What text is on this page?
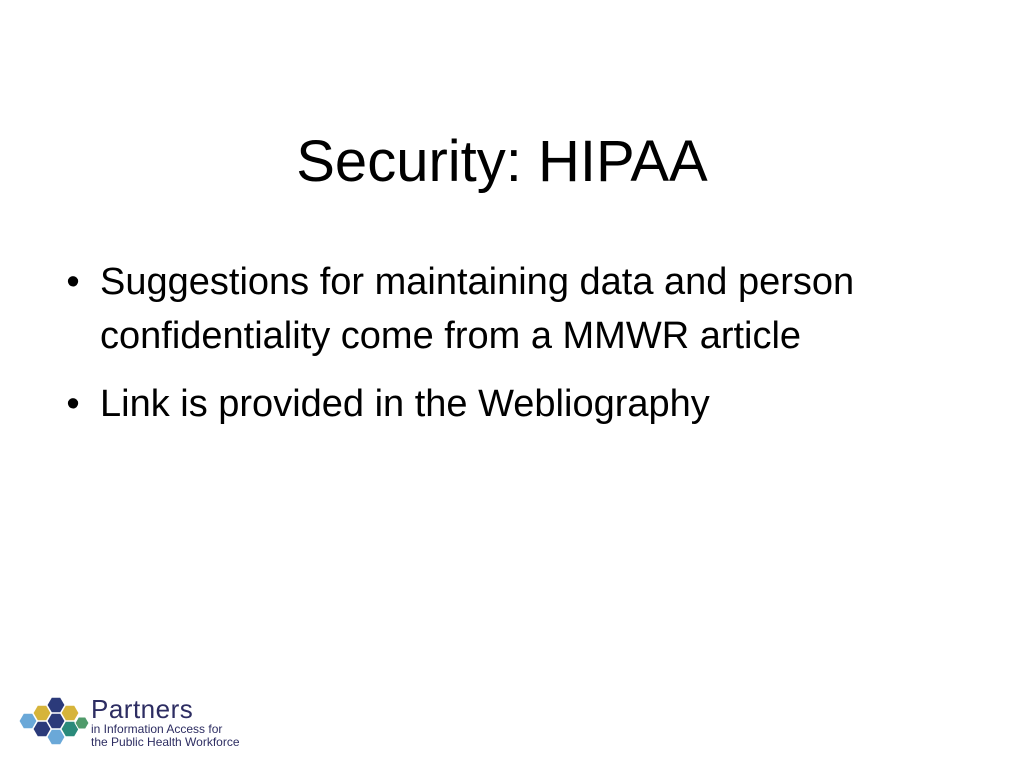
Security: HIPAA
• Suggestions for maintaining data and person confidentiality come from a MMWR article
• Link is provided in the Webliography
Partners
in Information Access for
the Public Health Workforce
